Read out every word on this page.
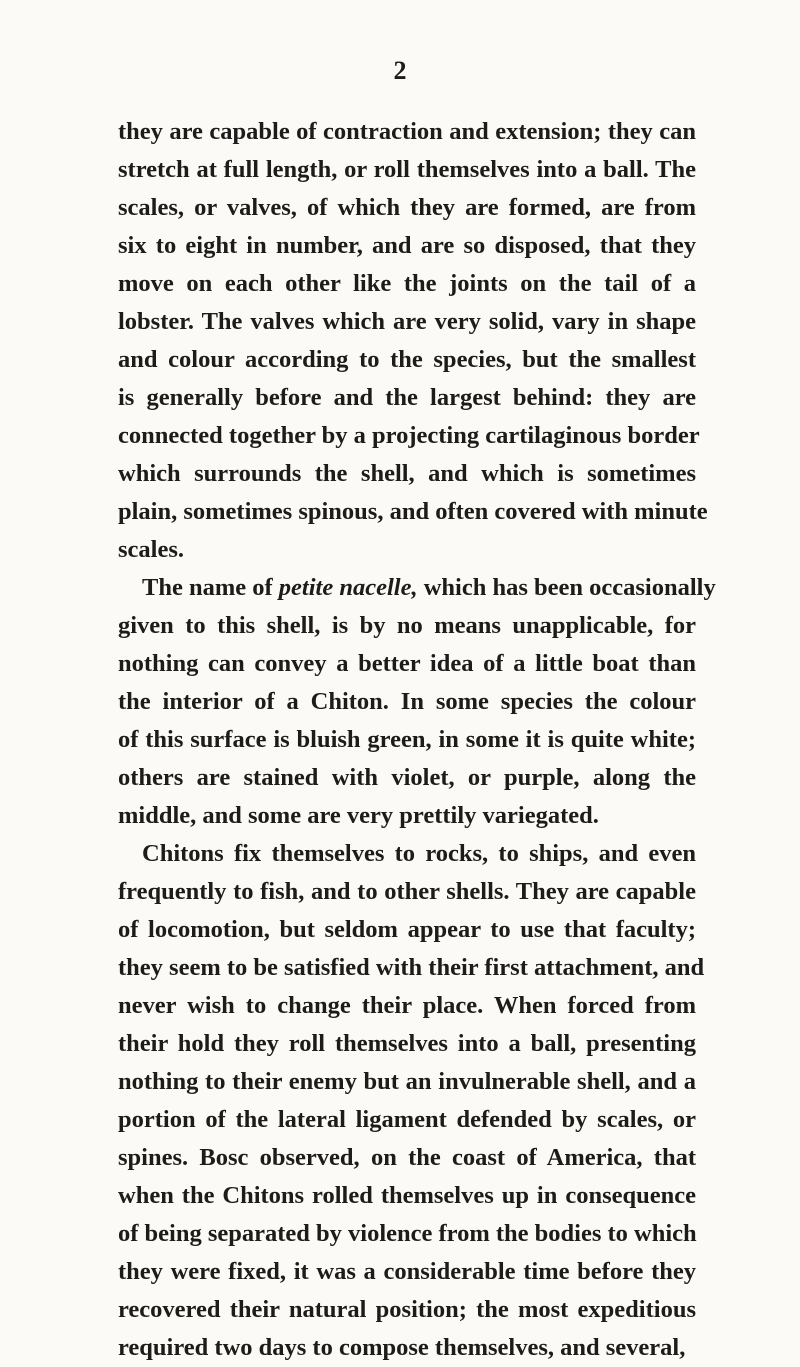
2
they are capable of contraction and extension; they can
stretch at full length, or roll themselves into a ball. The
scales, or valves, of which they are formed, are from
six to eight in number, and are so disposed, that they
move on each other like the joints on the tail of a
lobster. The valves which are very solid, vary in shape
and colour according to the species, but the smallest
is generally before and the largest behind: they are
connected together by a projecting cartilaginous border
which surrounds the shell, and which is sometimes
plain, sometimes spinous, and often covered with minute
scales.
The name of petite nacelle, which has been occasionally
given to this shell, is by no means unapplicable, for
nothing can convey a better idea of a little boat than
the interior of a Chiton. In some species the colour
of this surface is bluish green, in some it is quite white;
others are stained with violet, or purple, along the
middle, and some are very prettily variegated.
Chitons fix themselves to rocks, to ships, and even
frequently to fish, and to other shells. They are capable
of locomotion, but seldom appear to use that faculty;
they seem to be satisfied with their first attachment, and
never wish to change their place. When forced from
their hold they roll themselves into a ball, presenting
nothing to their enemy but an invulnerable shell, and a
portion of the lateral ligament defended by scales, or
spines. Bosc observed, on the coast of America, that
when the Chitons rolled themselves up in consequence
of being separated by violence from the bodies to which
they were fixed, it was a considerable time before they
recovered their natural position; the most expeditious
required two days to compose themselves, and several,
